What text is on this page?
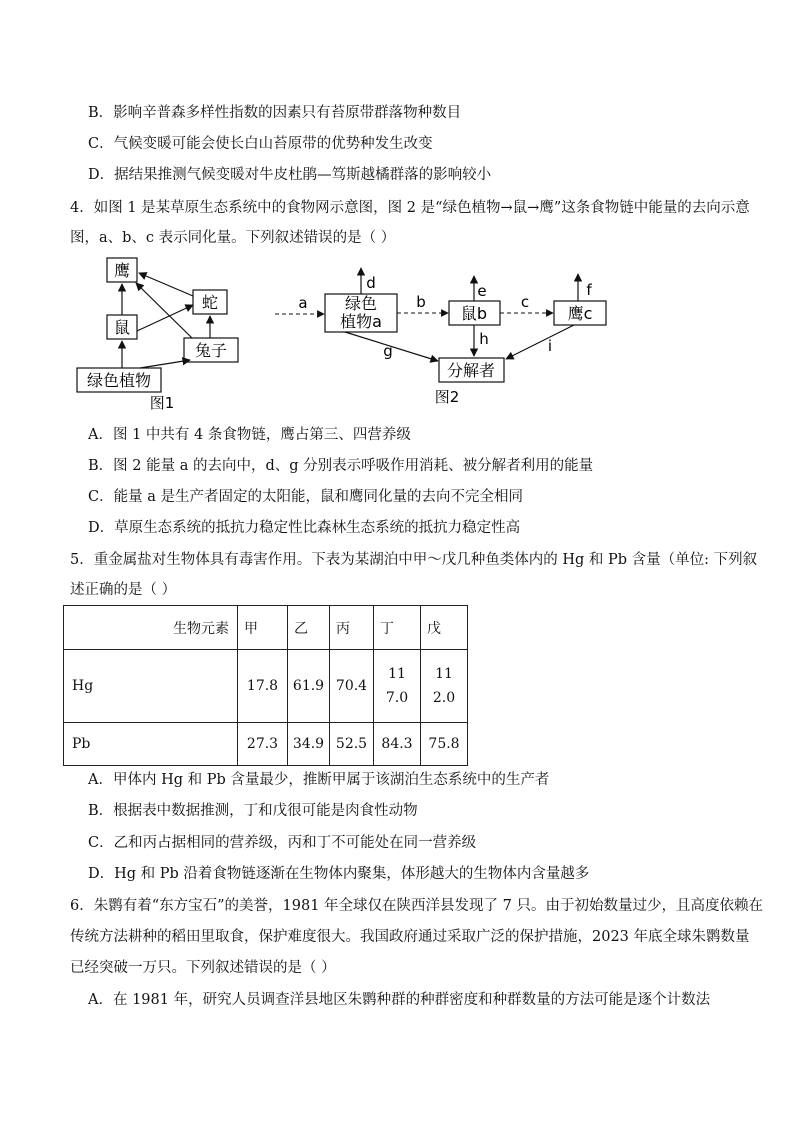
B．影响辛普森多样性指数的因素只有苔原带群落物种数目
C．气候变暖可能会使长白山苔原带的优势种发生改变
D．据结果推测气候变暖对牛皮杜鹃—笃斯越橘群落的影响较小
4．如图 1 是某草原生态系统中的食物网示意图，图 2 是“绿色植物→鼠→鹰”这条食物链中能量的去向示意
图，a、b、c 表示同化量。下列叙述错误的是（ ）
鹰
蛇
鼠
兔子
绿色植物
图1
a 绿色
植物a
d
b
鼠b
e
c
鹰c
f
分解者
g
h	i
图2
A．图 1 中共有 4 条食物链，鹰占第三、四营养级
B．图 2 能量 a 的去向中，d、g 分别表示呼吸作用消耗、被分解者利用的能量
C．能量 a 是生产者固定的太阳能，鼠和鹰同化量的去向不完全相同
D．草原生态系统的抵抗力稳定性比森林生态系统的抵抗力稳定性高
5．重金属盐对生物体具有毒害作用。下表为某湖泊中甲～戊几种鱼类体内的 Hg 和 Pb 含量（单位: 下列叙
述正确的是（ ）
生物元素	甲	乙	丙	丁	戊
Hg	17.8	61.9	70.4	117.0	112.0

Pb	27.3	34.9	52.5	84.3	75.8
A．甲体内 Hg 和 Pb 含量最少，推断甲属于该湖泊生态系统中的生产者
B．根据表中数据推测，丁和戊很可能是肉食性动物
C．乙和丙占据相同的营养级，丙和丁不可能处在同一营养级
D．Hg 和 Pb 沿着食物链逐渐在生物体内聚集，体形越大的生物体内含量越多
6．朱鹮有着“东方宝石”的美誉，1981 年全球仅在陕西洋县发现了 7 只。由于初始数量过少，且高度依赖在
传统方法耕种的稻田里取食，保护难度很大。我国政府通过采取广泛的保护措施，2023 年底全球朱鹮数量
已经突破一万只。下列叙述错误的是（ ）
A．在 1981 年，研究人员调查洋县地区朱鹮种群的种群密度和种群数量的方法可能是逐个计数法
